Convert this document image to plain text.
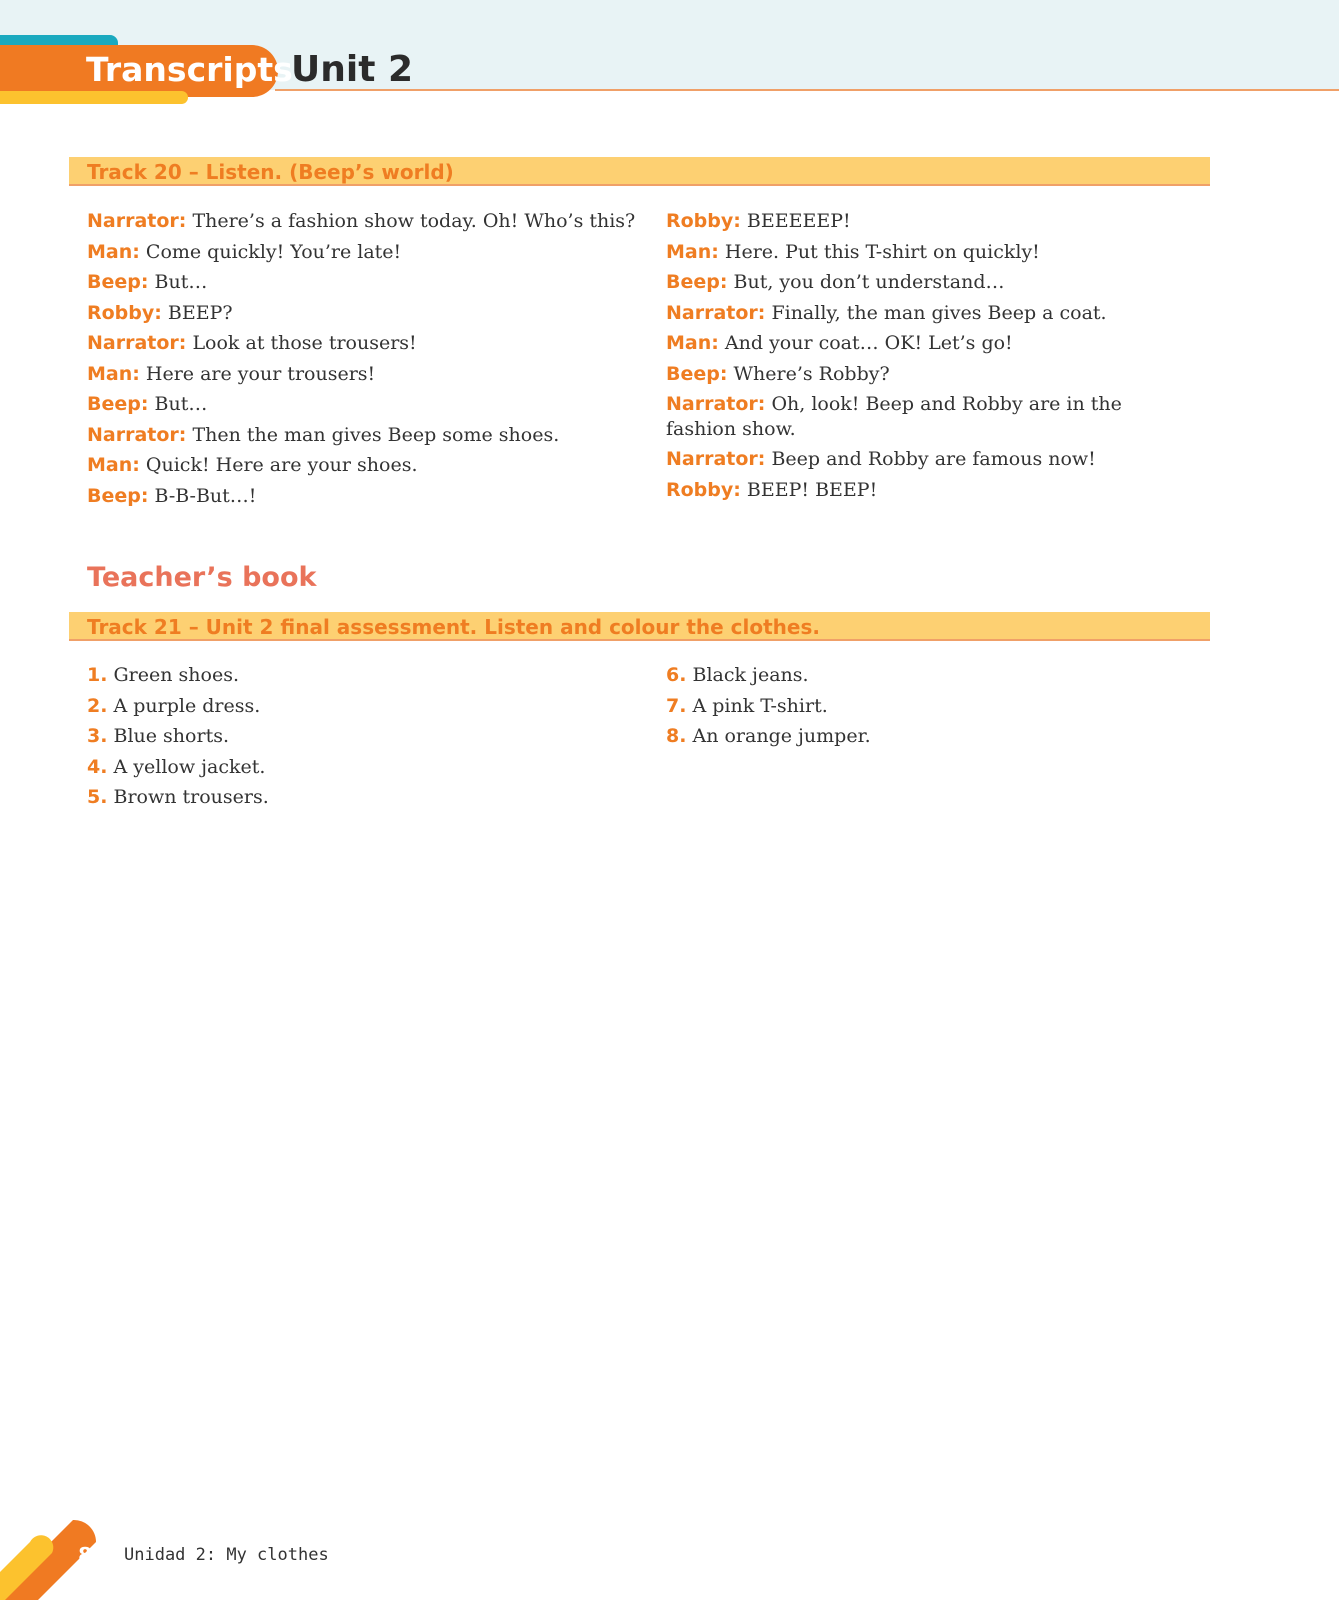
Transcripts
Unit 2
Track 20 – Listen. (Beep’s world)

Narrator: There’s a fashion show today. Oh! Who’s this?

Man: Come quickly! You’re late!

Beep: But…

Robby: BEEP?

Narrator: Look at those trousers!

Man: Here are your trousers!

Beep: But…

Narrator: Then the man gives Beep some shoes.

Man: Quick! Here are your shoes.

Beep: B-B-But…!

Robby: BEEEEEP!

Man: Here. Put this T-shirt on quickly!

Beep: But, you don’t understand…

Narrator: Finally, the man gives Beep a coat.

Man: And your coat… OK! Let’s go!

Beep: Where’s Robby?

Narrator: Oh, look! Beep and Robby are in the fashion show.

Narrator: Beep and Robby are famous now!

Robby: BEEP! BEEP!

Teacher’s book
Track 21 – Unit 2 final assessment. Listen and colour the clothes.

1. Green shoes.

2. A purple dress.

3. Blue shorts.

4. A yellow jacket.

5. Brown trousers.

6. Black jeans.

7. A pink T-shirt.

8. An orange jumper.

80	Unidad 2: My clothes
